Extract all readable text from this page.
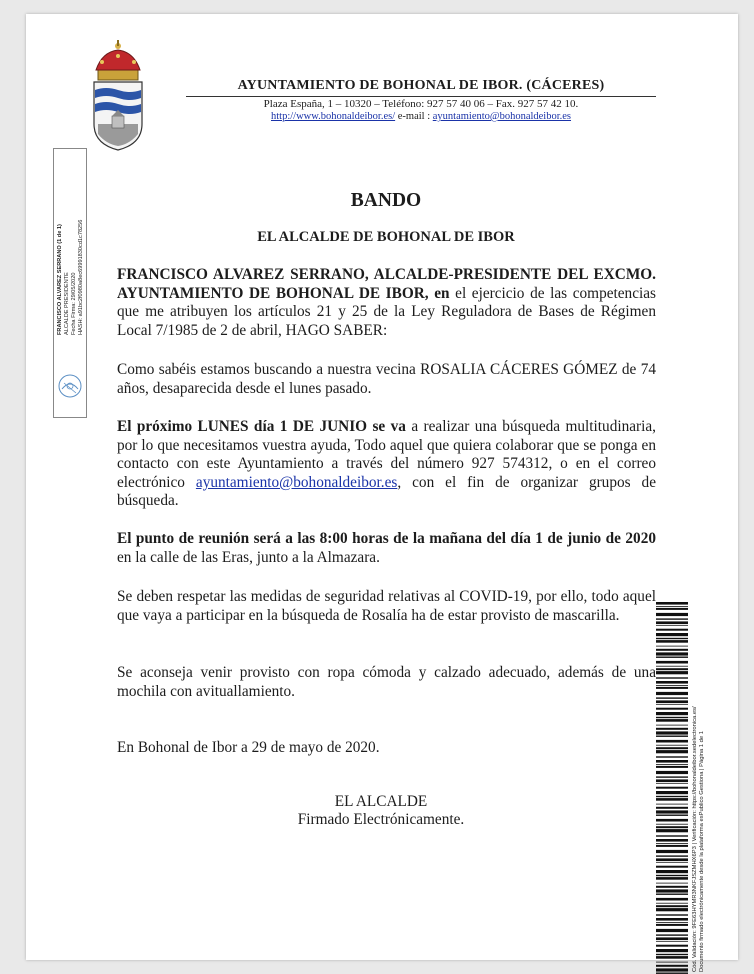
AYUNTAMIENTO DE BOHONAL DE IBOR. (CÁCERES)
Plaza España, 1 – 10320 – Teléfono: 927 57 40 06 – Fax. 927 57 42 10.
http://www.bohonaldeibor.es/ e-mail : ayuntamiento@bohonaldeibor.es
FRANCISCO ALVAREZ SERRANO (1 de 1) ALCALDE PRESIDENTE Fecha Firma: 29/05/2020 HASH: a91bc2f0980a8ec69991830cd1c78256
BANDO
EL ALCALDE DE BOHONAL DE IBOR
FRANCISCO ALVAREZ SERRANO, ALCALDE-PRESIDENTE DEL EXCMO. AYUNTAMIENTO DE BOHONAL DE IBOR, en el ejercicio de las competencias que me atribuyen los artículos 21 y 25 de la Ley Reguladora de Bases de Régimen Local 7/1985 de 2 de abril, HAGO SABER:
Como sabéis estamos buscando a nuestra vecina ROSALIA CÁCERES GÓMEZ de 74 años, desaparecida desde el lunes pasado.
El próximo LUNES día 1 DE JUNIO se va a realizar una búsqueda multitudinaria, por lo que necesitamos vuestra ayuda, Todo aquel que quiera colaborar que se ponga en contacto con este Ayuntamiento a través del número 927 574312, o en el correo electrónico ayuntamiento@bohonaldeibor.es, con el fin de organizar grupos de búsqueda.
El punto de reunión será a las 8:00 horas de la mañana del día 1 de junio de 2020 en la calle de las Eras, junto a la Almazara.
Se deben respetar las medidas de seguridad relativas al COVID-19, por ello, todo aquel que vaya a participar en la búsqueda de Rosalía ha de estar provisto de mascarilla.
Se aconseja venir provisto con ropa cómoda y calzado adecuado, además de una mochila con avituallamiento.
En Bohonal de Ibor a 29 de mayo de 2020.
EL ALCALDE
Firmado Electrónicamente.	Cód. Validación: 9FE63HYMR3NKFJSZMHX6P3 | Verificación: https://bohonaldeibor.sedelectronica.es/ Documento firmado electrónicamente desde la plataforma esPublico Gestiona | Página 1 de 1
